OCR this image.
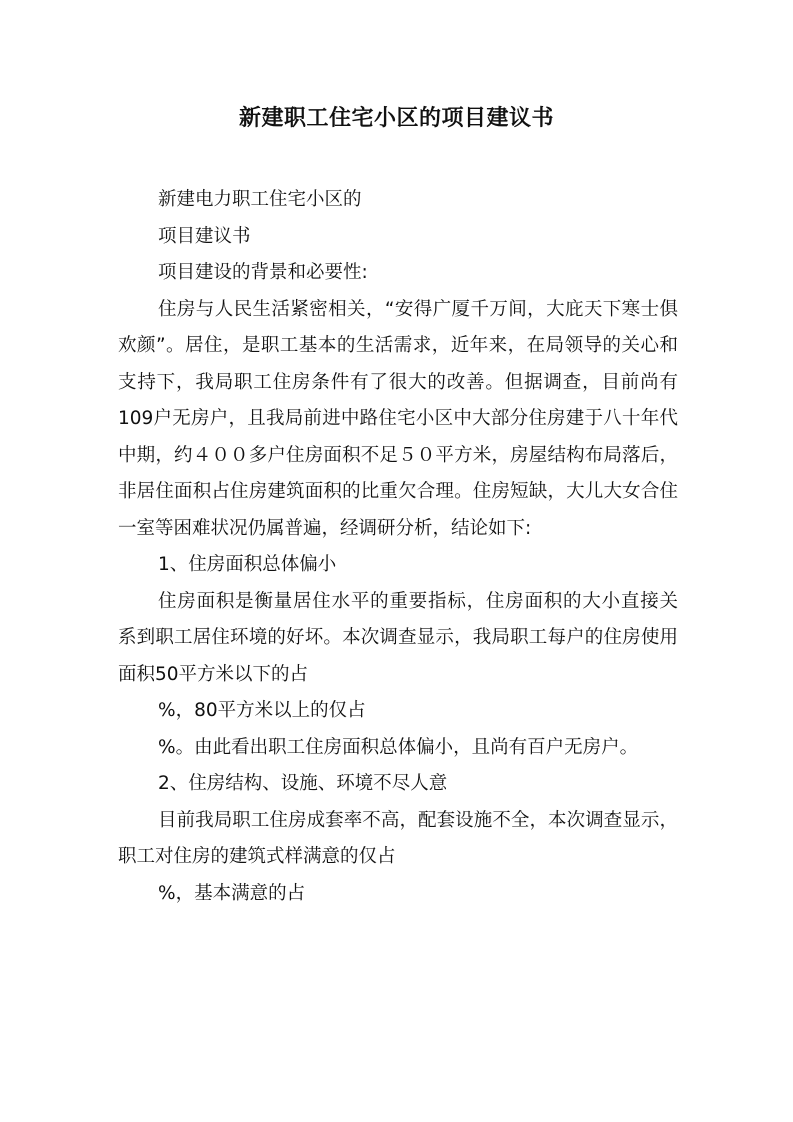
新建职工住宅小区的项目建议书
新建电力职工住宅小区的
项目建议书
项目建设的背景和必要性:
住房与人民生活紧密相关，“安得广厦千万间，大庇天下寒士俱
欢颜”。居住，是职工基本的生活需求，近年来，在局领导的关心和
支持下，我局职工住房条件有了很大的改善。但据调查，目前尚有
109户无房户，且我局前进中路住宅小区中大部分住房建于八十年代
中期，约４００多户住房面积不足５０平方米，房屋结构布局落后，
非居住面积占住房建筑面积的比重欠合理。住房短缺，大儿大女合住
一室等困难状况仍属普遍，经调研分析，结论如下:
1、住房面积总体偏小
住房面积是衡量居住水平的重要指标，住房面积的大小直接关
系到职工居住环境的好坏。本次调查显示，我局职工每户的住房使用
面积50平方米以下的占
%，80平方米以上的仅占
%。由此看出职工住房面积总体偏小，且尚有百户无房户。
2、住房结构、设施、环境不尽人意
目前我局职工住房成套率不高，配套设施不全，本次调查显示，
职工对住房的建筑式样满意的仅占
%，基本满意的占
